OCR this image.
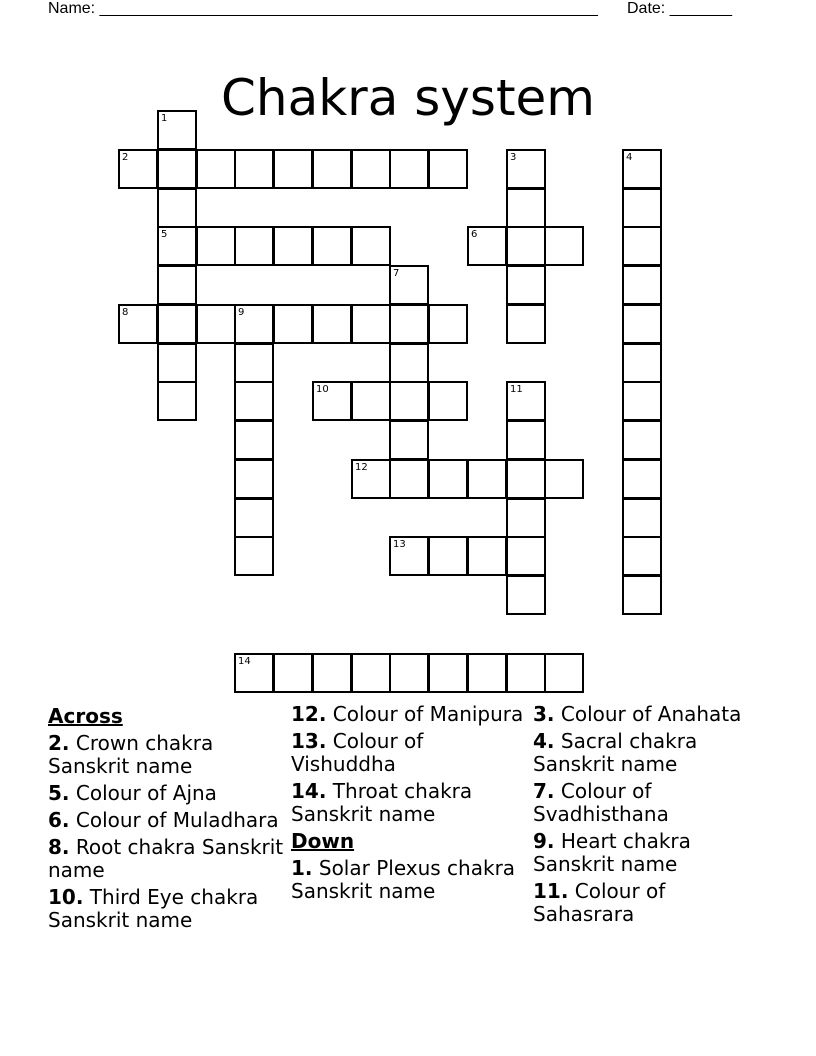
Name: ________________________________________________________ Date: _______
Chakra system
1
5
2	3	4
6
7
8	9
10	11
12
13
14
Across
2. Crown chakra Sanskrit name
5. Colour of Ajna
6. Colour of Muladhara
8. Root chakra Sanskrit name
10. Third Eye chakra Sanskrit name
12. Colour of Manipura
13. Colour of Vishuddha
14. Throat chakra Sanskrit name
Down
1. Solar Plexus chakra Sanskrit name
3. Colour of Anahata
4. Sacral chakra Sanskrit name
7. Colour of Svadhisthana
9. Heart chakra Sanskrit name
11. Colour of Sahasrara
